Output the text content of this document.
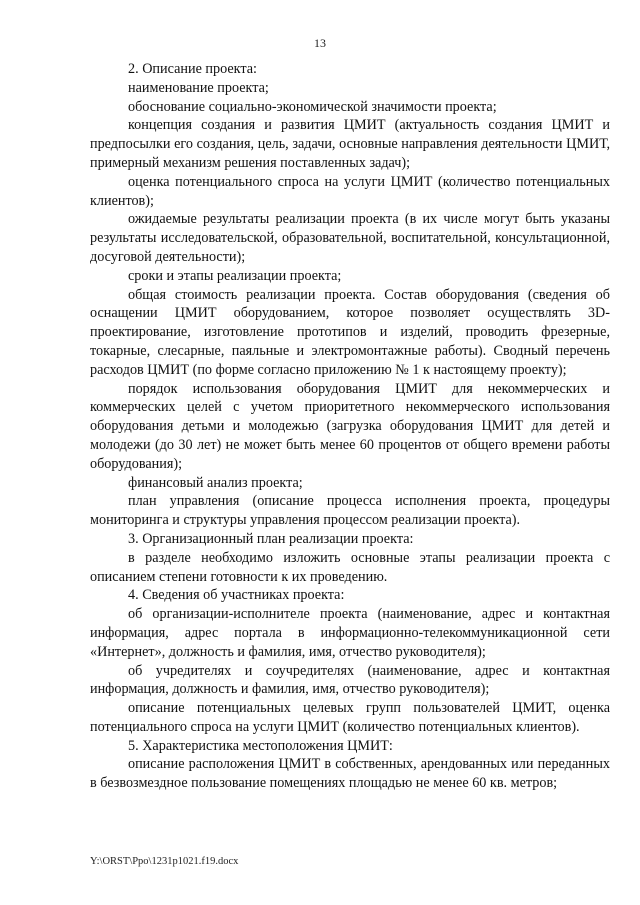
13

2. Описание проекта:

наименование проекта;

обоснование социально-экономической значимости проекта;

концепция создания и развития ЦМИТ (актуальность создания ЦМИТ и предпосылки его создания, цель, задачи, основные направления деятельности ЦМИТ, примерный механизм решения поставленных задач);

оценка потенциального спроса на услуги ЦМИТ (количество потенциальных клиентов);

ожидаемые результаты реализации проекта (в их числе могут быть указаны результаты исследовательской, образовательной, воспитательной, консультационной, досуговой деятельности);

сроки и этапы реализации проекта;

общая стоимость реализации проекта. Состав оборудования (сведения об оснащении ЦМИТ оборудованием, которое позволяет осуществлять 3D-проектирование, изготовление прототипов и изделий, проводить фрезерные, токарные, слесарные, паяльные и электромонтажные работы). Сводный перечень расходов ЦМИТ (по форме согласно приложению № 1 к настоящему проекту);

порядок использования оборудования ЦМИТ для некоммерческих и коммерческих целей с учетом приоритетного некоммерческого использования оборудования детьми и молодежью (загрузка оборудования ЦМИТ для детей и молодежи (до 30 лет) не может быть менее 60 процентов от общего времени работы оборудования);

финансовый анализ проекта;

план управления (описание процесса исполнения проекта, процедуры мониторинга и структуры управления процессом реализации проекта).

3. Организационный план реализации проекта:

в разделе необходимо изложить основные этапы реализации проекта с описанием степени готовности к их проведению.

4. Сведения об участниках проекта:

об организации-исполнителе проекта (наименование, адрес и контактная информация, адрес портала в информационно-телекоммуникационной сети «Интернет», должность и фамилия, имя, отчество руководителя);

об учредителях и соучредителях (наименование, адрес и контактная информация, должность и фамилия, имя, отчество руководителя);

описание потенциальных целевых групп пользователей ЦМИТ, оценка потенциального спроса на услуги ЦМИТ (количество потенциальных клиентов).

5. Характеристика местоположения ЦМИТ:

описание расположения ЦМИТ в собственных, арендованных или переданных в безвозмездное пользование помещениях площадью не менее 60 кв. метров;

Y:\ORST\Ppo\1231p1021.f19.docx
